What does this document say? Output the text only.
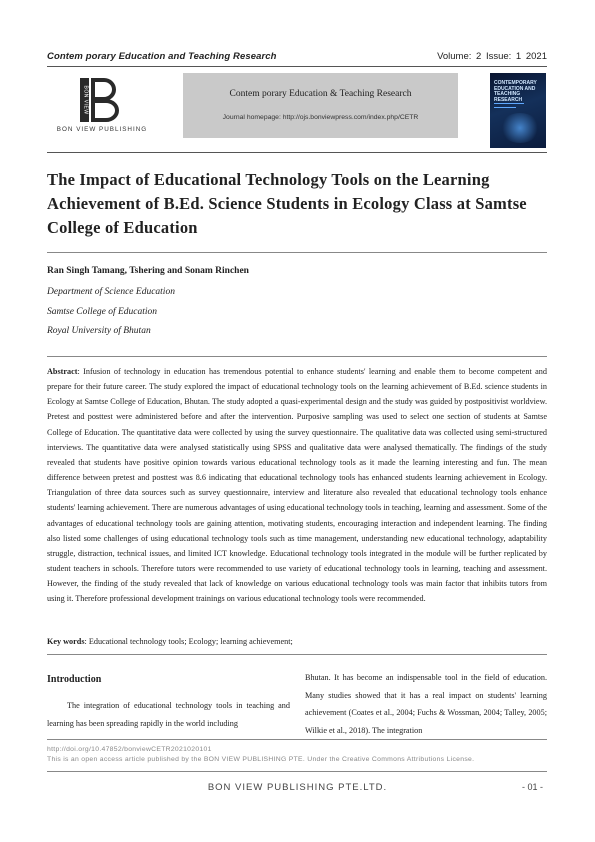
Contem porary Education and Teaching Research	Volume: 2 Issue: 1 2021
BON VIEW
BON VIEW PUBLISHING
Contem porary Education & Teaching Research
Journal homepage: http://ojs.bonviewpress.com/index.php/CETR
CONTEMPORARY EDUCATION AND TEACHING RESEARCH
The Impact of Educational Technology Tools on the Learning Achievement of B.Ed. Science Students in Ecology Class at Samtse College of Education
Ran Singh Tamang, Tshering and Sonam Rinchen
Department of Science Education
Samtse College of Education
Royal University of Bhutan
Abstract: Infusion of technology in education has tremendous potential to enhance students' learning and enable them to become competent and prepare for their future career. The study explored the impact of educational technology tools on the learning achievement of B.Ed. science students in Ecology at Samtse College of Education, Bhutan. The study adopted a quasi-experimental design and the study was guided by postpositivist worldview. Pretest and posttest were administered before and after the intervention. Purposive sampling was used to select one section of students at Samtse College of Education. The quantitative data were collected by using the survey questionnaire. The qualitative data was collected using semi-structured interviews. The quantitative data were analysed statistically using SPSS and qualitative data were analysed thematically. The findings of the study revealed that students have positive opinion towards various educational technology tools as it made the learning interesting and fun. The mean difference between pretest and posttest was 8.6 indicating that educational technology tools has enhanced students learning achievement in Ecology. Triangulation of three data sources such as survey questionnaire, interview and literature also revealed that educational technology tools enhance students' learning achievement. There are numerous advantages of using educational technology tools in teaching, learning and assessment. Some of the advantages of educational technology tools are gaining attention, motivating students, encouraging interaction and independent learning. The finding also listed some challenges of using educational technology tools such as time management, understanding new educational technology, adaptability struggle, distraction, technical issues, and limited ICT knowledge. Educational technology tools integrated in the module will be further replicated by student teachers in schools. Therefore tutors were recommended to use variety of educational technology tools in learning, teaching and assessment. However, the finding of the study revealed that lack of knowledge on various educational technology tools was main factor that inhibits tutors from using it. Therefore professional development trainings on various educational technology tools were recommended.
Key words: Educational technology tools; Ecology; learning achievement;
Introduction
The integration of educational technology tools in teaching and learning has been spreading rapidly in the world including
Bhutan. It has become an indispensable tool in the field of education. Many studies showed that it has a real impact on students' learning achievement (Coates et al., 2004; Fuchs & Wossman, 2004; Talley, 2005; Wilkie et al., 2018). The integration
http://doi.org/10.47852/bonviewCETR2021020101
This is an open access article published by the BON VIEW PUBLISHING PTE. Under the Creative Commons Attributions License.
BON VIEW PUBLISHING PTE.LTD.	- 01 -
